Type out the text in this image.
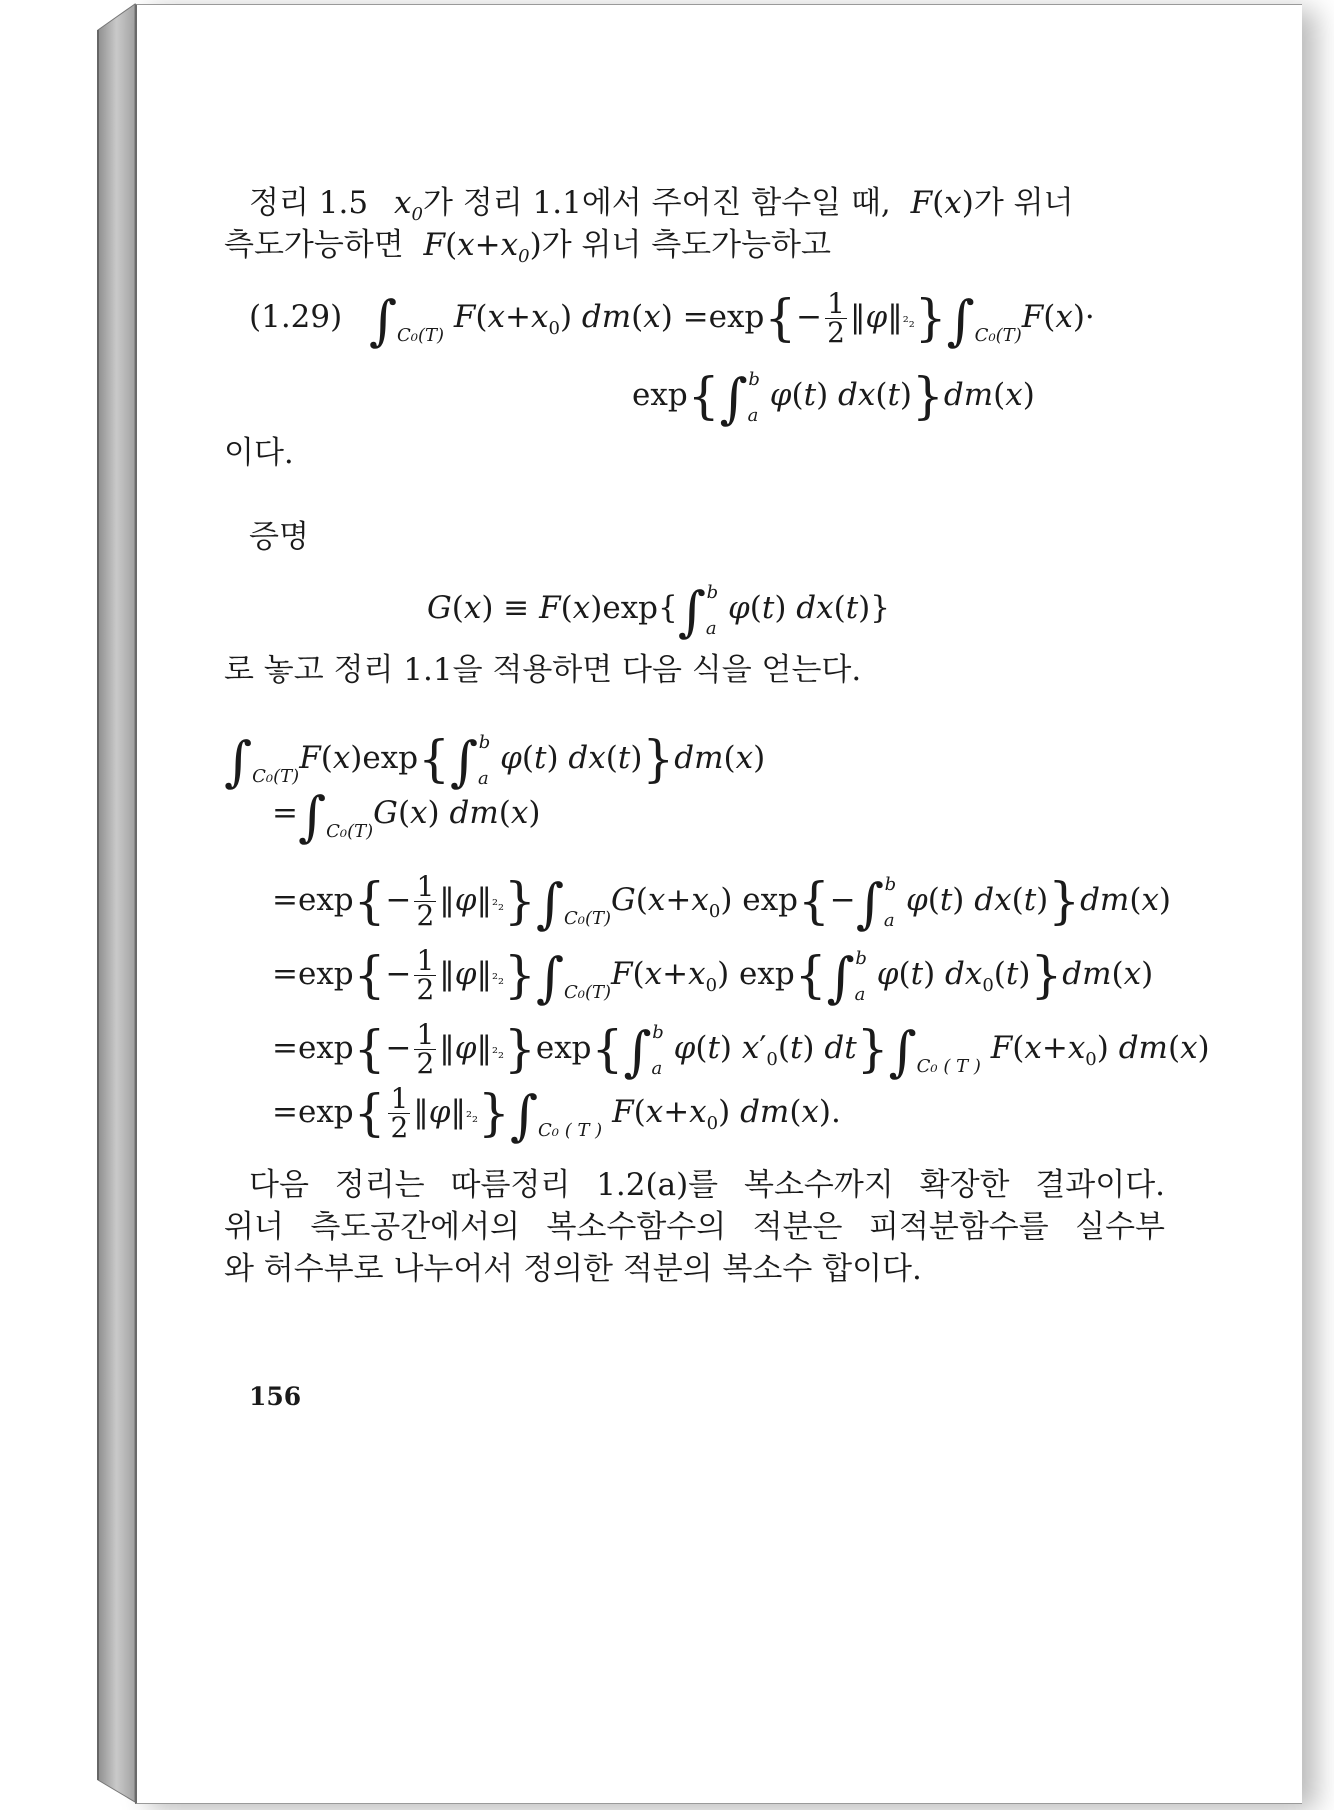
정리 1.5 $x_0$가 정리 1.1에서 주어진 함수일 때, F(x)가 위너
측도가능하면 $F(x+x_0)$가 위너 측도가능하고
(1.29) $\int_{C_0(T)}$ $F(x+x_0)$ $dm(x) =\exp\{- \frac{1}{2}$ $‖\varphi‖^2_2\}\int_{C_0(T)}F(x)\cdot$
$\exp\{\int_a^b$ φ(t) dx(t)}dm(x)
이다.
증명
$G(x) \equiv F(x)\exp\{\int_a^b$ φ(t) dx(t)}
로 놓고 정리 1.1을 적용하면 다음 식을 얻는다.
$\int_{C_0(T)}F(x)\exp\{\int_a^b$ φ(t) dx(t)}dm(x)
$=\int_{C_0(T)}G(x)$ dm(x)
$=\exp\{- \frac{1}{2}$ $‖\varphi‖^2_2\}\int_{C_0(T)}G(x+x_0)$ $\exp\{-\int_a^b$ φ(t) dx(t)}dm(x)
$=\exp\{- \frac{1}{2}$ $‖\varphi‖^2_2\}\int_{C_0(T)}F(x+x_0)$ $\exp\{\int_a^b$ φ(t) $dx_0(t)\}dm(x)$
$=\exp\{- \frac{1}{2}$ $‖\varphi‖^2_2\}\exp\{\int_a^b$ φ(t) $x'_0(t)$ $dt\}\int_{C_0 ( T )}$ $F(x+x_0)$ dm(x)
$=\exp\{ \frac{1}{2}$ $‖\varphi‖^2_2\}\int_{C_0 ( T )}$ $F(x+x_0)$ dm(x).
다음 정리는 따름정리 1.2(a)를 복소수까지 확장한 결과이다.
위너 측도공간에서의 복소수함수의 적분은 피적분함수를 실수부
와 허수부로 나누어서 정의한 적분의 복소수 합이다.
156
